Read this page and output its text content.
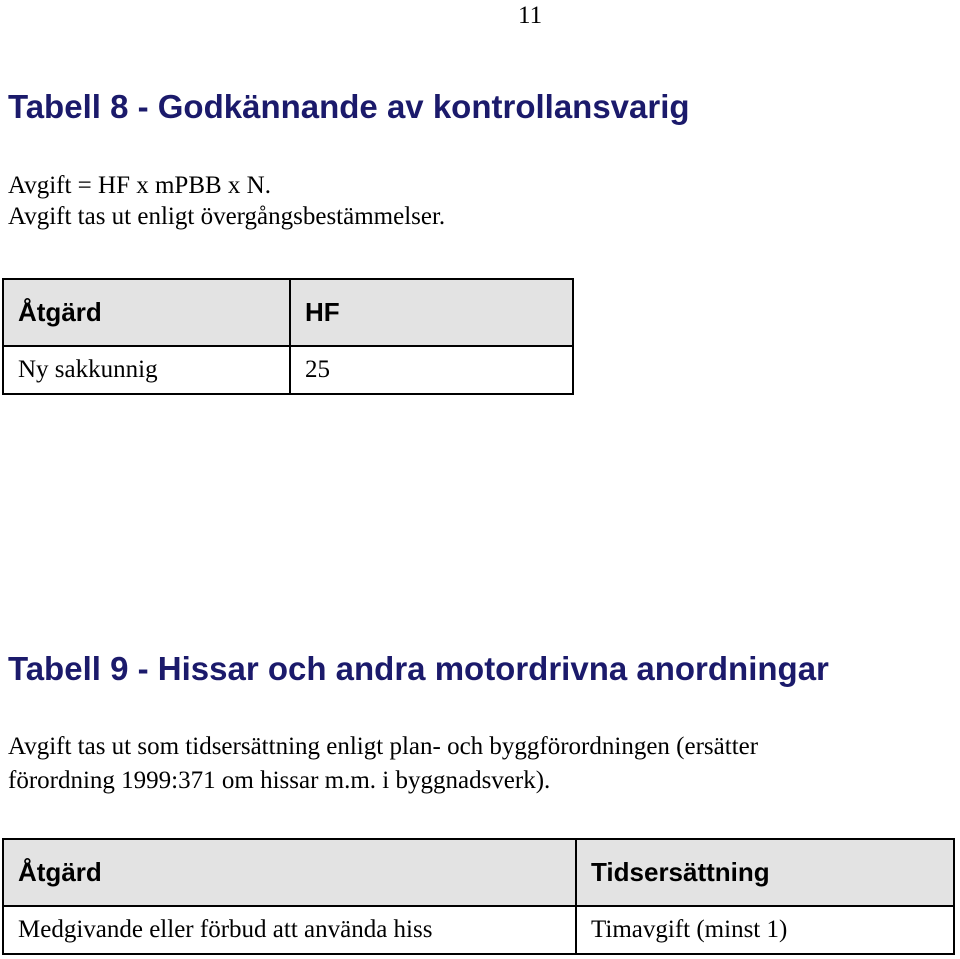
11
Tabell 8 - Godkännande av kontrollansvarig

Avgift = HF x mPBB x N.

Avgift tas ut enligt övergångsbestämmelser.

Åtgärd	HF
Ny sakkunnig	25
Tabell 9 - Hissar och andra motordrivna anordningar

Avgift tas ut som tidsersättning enligt plan- och byggförordningen (ersätter

förordning 1999:371 om hissar m.m. i byggnadsverk).

Åtgärd	Tidsersättning
Medgivande eller förbud att använda hiss	Timavgift (minst 1)
